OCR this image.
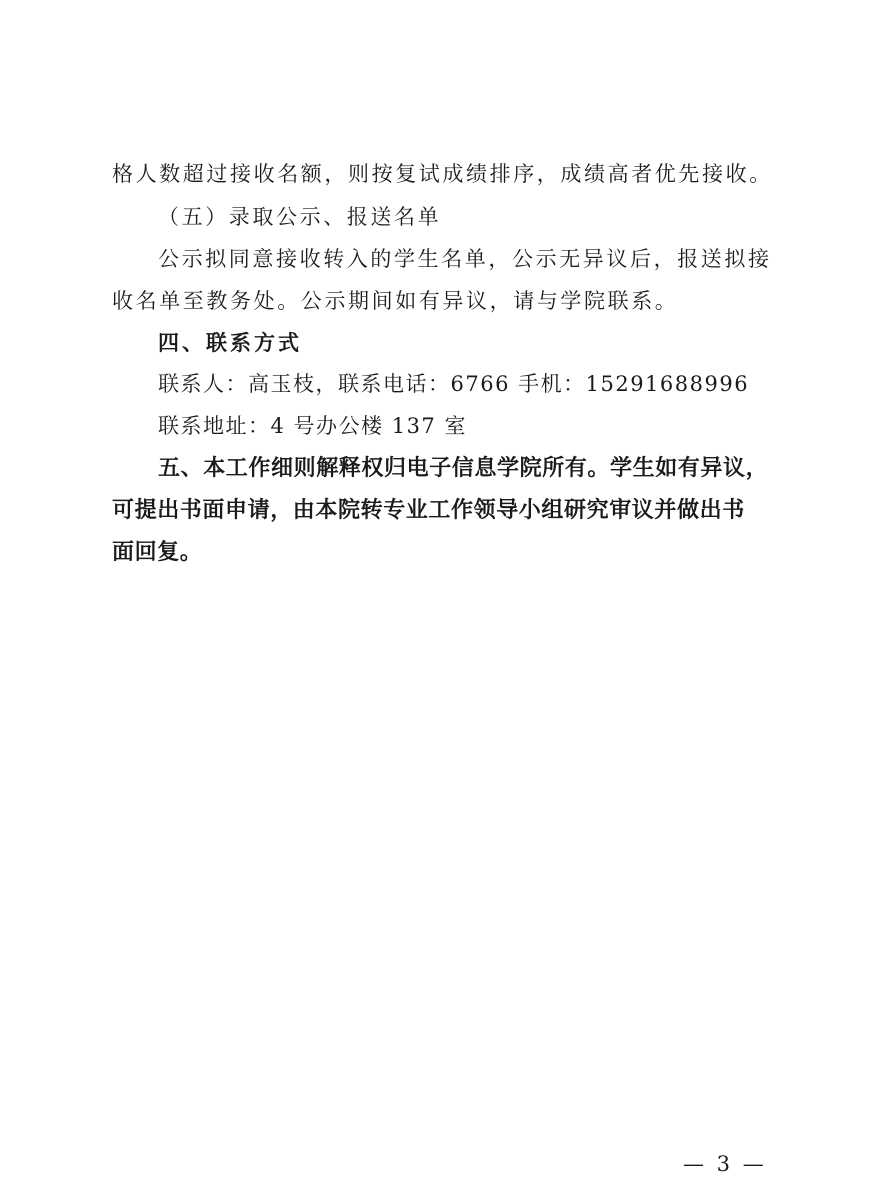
格人数超过接收名额，则按复试成绩排序，成绩高者优先接收。
（五）录取公示、报送名单
公示拟同意接收转入的学生名单，公示无异议后，报送拟接
收名单至教务处。公示期间如有异议，请与学院联系。
四、联系方式
联系人：高玉枝，联系电话：6766 手机：15291688996
联系地址：4 号办公楼 137 室
五、本工作细则解释权归电子信息学院所有。学生如有异议，
可提出书面申请，由本院转专业工作领导小组研究审议并做出书
面回复。
— 3 —
